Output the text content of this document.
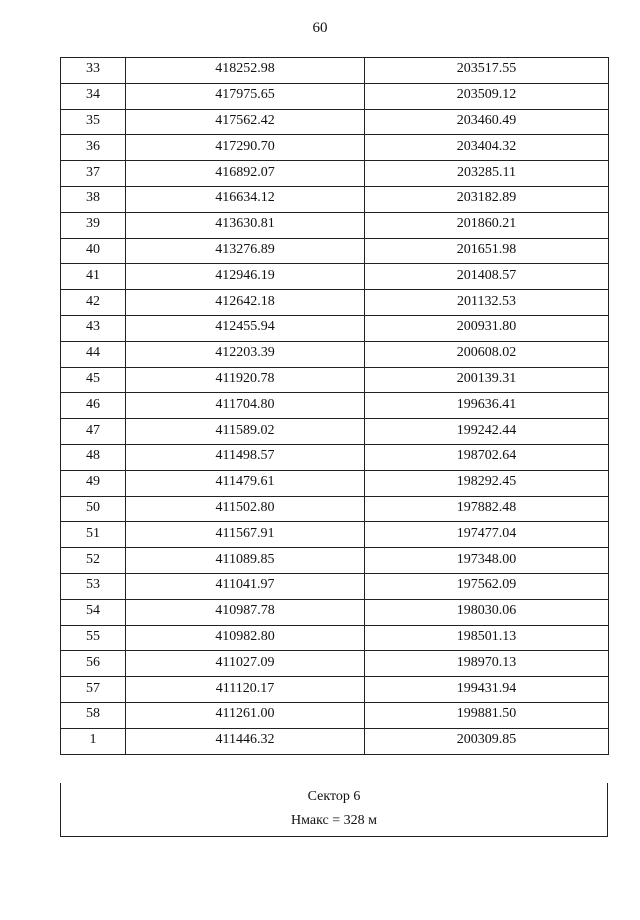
60
33	418252.98	203517.55
34	417975.65	203509.12
35	417562.42	203460.49
36	417290.70	203404.32
37	416892.07	203285.11
38	416634.12	203182.89
39	413630.81	201860.21
40	413276.89	201651.98
41	412946.19	201408.57
42	412642.18	201132.53
43	412455.94	200931.80
44	412203.39	200608.02
45	411920.78	200139.31
46	411704.80	199636.41
47	411589.02	199242.44
48	411498.57	198702.64
49	411479.61	198292.45
50	411502.80	197882.48
51	411567.91	197477.04
52	411089.85	197348.00
53	411041.97	197562.09
54	410987.78	198030.06
55	410982.80	198501.13
56	411027.09	198970.13
57	411120.17	199431.94
58	411261.00	199881.50
1	411446.32	200309.85
Сектор 6
Нмакс = 328 м
